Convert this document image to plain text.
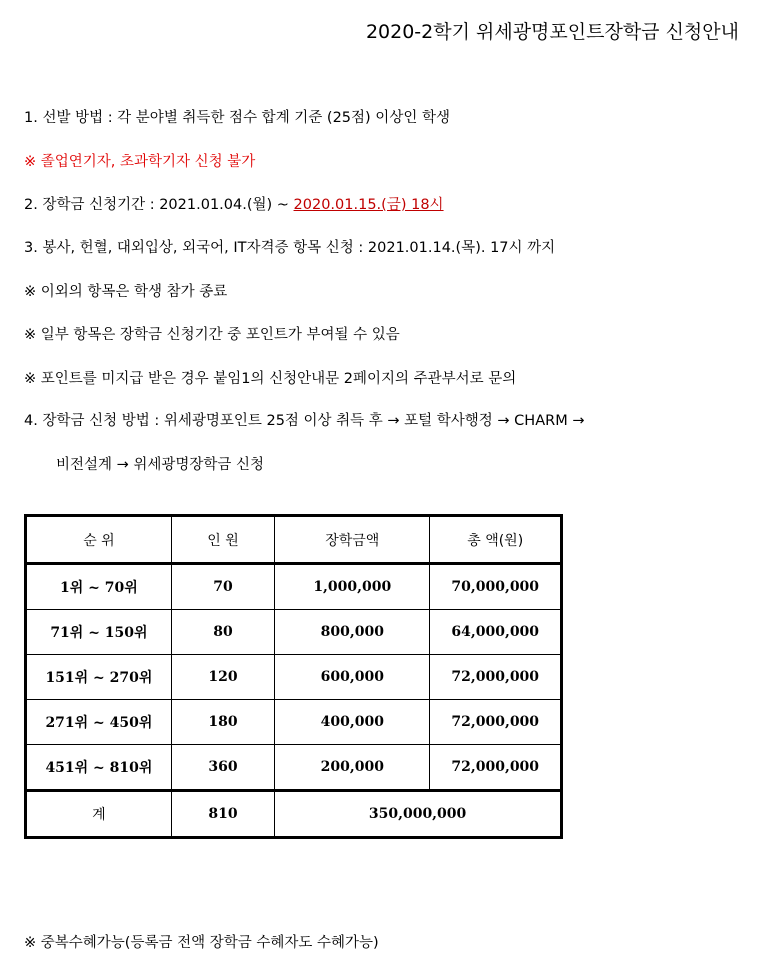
2020-2학기 위세광명포인트장학금 신청안내
1. 선발 방법 : 각 분야별 취득한 점수 합계 기준 (25점) 이상인 학생
※ 졸업연기자, 초과학기자 신청 불가
2. 장학금 신청기간 : 2021.01.04.(월) ~ 2020.01.15.(금) 18시
3. 봉사, 헌혈, 대외입상, 외국어, IT자격증 항목 신청 : 2021.01.14.(목). 17시 까지
※ 이외의 항목은 학생 참가 종료
※ 일부 항목은 장학금 신청기간 중 포인트가 부여될 수 있음
※ 포인트를 미지급 받은 경우 붙임1의 신청안내문 2페이지의 주관부서로 문의
4. 장학금 신청 방법 : 위세광명포인트 25점 이상 취득 후 → 포털 학사행정 → CHARM →
비전설계 → 위세광명장학금 신청
순 위	인 원	장학금액	총 액(원)
1위 ~ 70위	70	1,000,000	70,000,000
71위 ~ 150위	80	800,000	64,000,000
151위 ~ 270위	120	600,000	72,000,000
271위 ~ 450위	180	400,000	72,000,000
451위 ~ 810위	360	200,000	72,000,000
계	810	350,000,000	
※ 중복수혜가능(등록금 전액 장학금 수혜자도 수혜가능)
